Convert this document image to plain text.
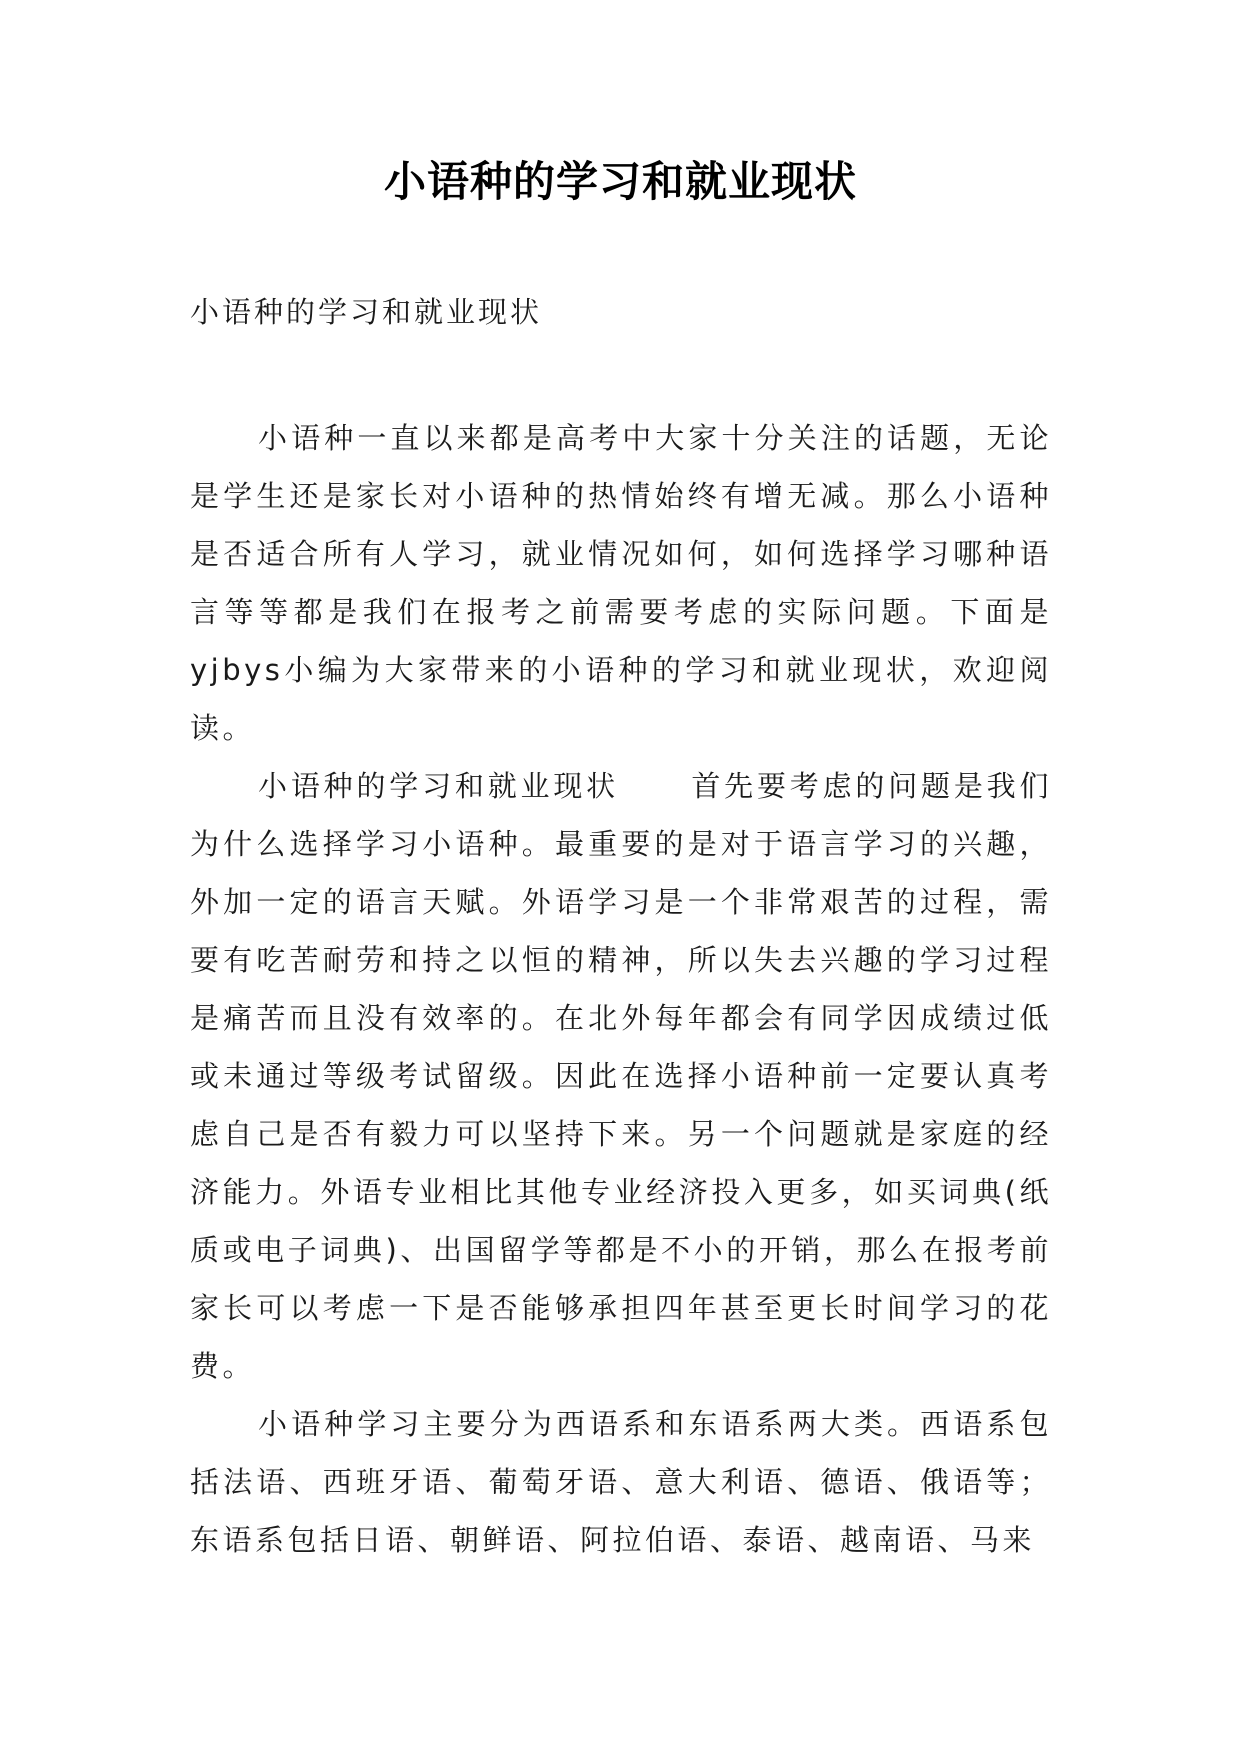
小语种的学习和就业现状
小语种的学习和就业现状

小语种一直以来都是高考中大家十分关注的话题，无论是学生还是家长对小语种的热情始终有增无减。那么小语种是否适合所有人学习，就业情况如何，如何选择学习哪种语言等等都是我们在报考之前需要考虑的实际问题。下面是yjbys小编为大家带来的小语种的学习和就业现状，欢迎阅读。

小语种的学习和就业现状 首先要考虑的问题是我们为什么选择学习小语种。最重要的是对于语言学习的兴趣，外加一定的语言天赋。外语学习是一个非常艰苦的过程，需要有吃苦耐劳和持之以恒的精神，所以失去兴趣的学习过程是痛苦而且没有效率的。在北外每年都会有同学因成绩过低或未通过等级考试留级。因此在选择小语种前一定要认真考虑自己是否有毅力可以坚持下来。另一个问题就是家庭的经济能力。外语专业相比其他专业经济投入更多，如买词典(纸质或电子词典)、出国留学等都是不小的开销，那么在报考前家长可以考虑一下是否能够承担四年甚至更长时间学习的花费。

小语种学习主要分为西语系和东语系两大类。西语系包括法语、西班牙语、葡萄牙语、意大利语、德语、俄语等；东语系包括日语、朝鲜语、阿拉伯语、泰语、越南语、马来
